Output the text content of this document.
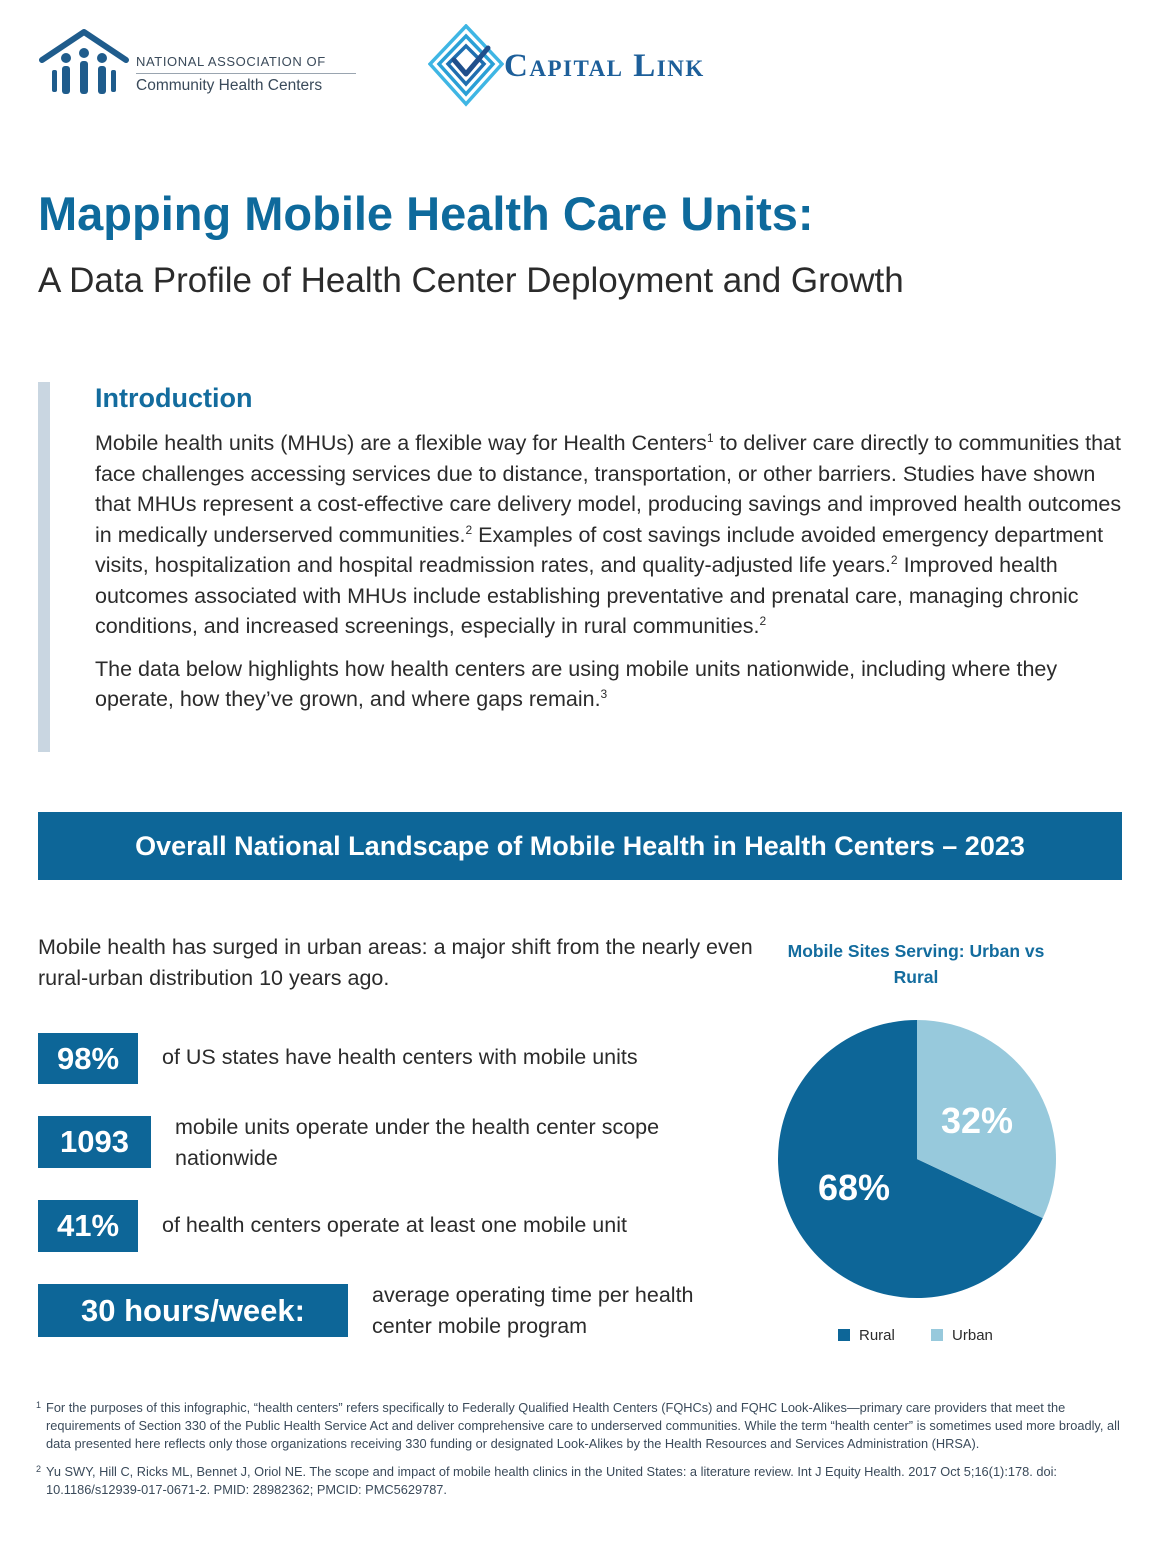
NATIONAL ASSOCIATION OF
Community Health Centers
Capital Link
Mapping Mobile Health Care Units:
A Data Profile of Health Center Deployment and Growth
Introduction

Mobile health units (MHUs) are a flexible way for Health Centers$^1$ to deliver care directly to communities that face challenges accessing services due to distance, transportation, or other barriers. Studies have shown that MHUs represent a cost-effective care delivery model, producing savings and improved health outcomes in medically underserved communities.$^2$ Examples of cost savings include avoided emergency department visits, hospitalization and hospital readmission rates, and quality-adjusted life years.$^2$ Improved health outcomes associated with MHUs include establishing preventative and prenatal care, managing chronic conditions, and increased screenings, especially in rural communities.$^2$

The data below highlights how health centers are using mobile units nationwide, including where they operate, how they’ve grown, and where gaps remain.$^3$

Overall National Landscape of Mobile Health in Health Centers – 2023
Mobile health has surged in urban areas: a major shift from the nearly even rural-urban distribution 10 years ago.
98%	of US states have health centers with mobile units
1093	mobile units operate under the health center scope nationwide
41%	of health centers operate at least one mobile unit
30 hours/week:	average operating time per health center mobile program
Mobile Sites Serving: Urban vs Rural
68%
32%
Rural	Urban
1 For the purposes of this infographic, “health centers” refers specifically to Federally Qualified Health Centers (FQHCs) and FQHC Look-Alikes—primary care providers that meet the requirements of Section 330 of the Public Health Service Act and deliver comprehensive care to underserved communities. While the term “health center” is sometimes used more broadly, all data presented here reflects only those organizations receiving 330 funding or designated Look-Alikes by the Health Resources and Services Administration (HRSA).
2 Yu SWY, Hill C, Ricks ML, Bennet J, Oriol NE. The scope and impact of mobile health clinics in the United States: a literature review. Int J Equity Health. 2017 Oct 5;16(1):178. doi: 10.1186/s12939-017-0671-2. PMID: 28982362; PMCID: PMC5629787.
